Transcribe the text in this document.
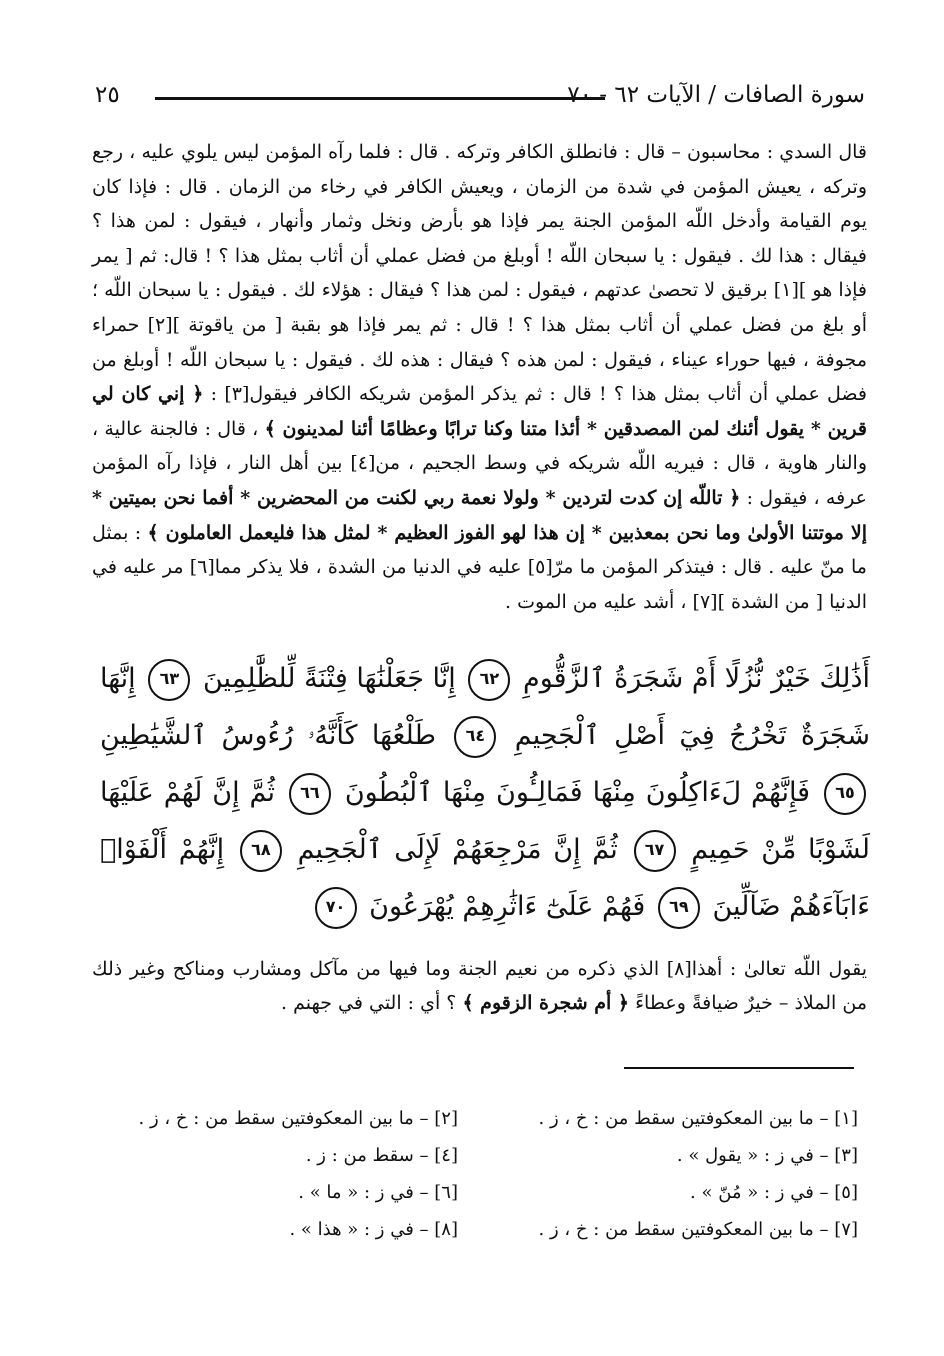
سورة الصافات / الآيات ٦٢ - ٧٠
٢٥

قال السدي : محاسبون – قال : فانطلق الكافر وتركه . قال : فلما رآه المؤمن ليس يلوي عليه ، رجع وتركه ، يعيش المؤمن في شدة من الزمان ، ويعيش الكافر في رخاء من الزمان . قال : فإذا كان يوم القيامة وأدخل اللّه المؤمن الجنة يمر فإذا هو بأرض ونخل وثمار وأنهار ، فيقول : لمن هذا ؟ فيقال : هذا لك . فيقول : يا سبحان اللّه ! أوبلغ من فضل عملي أن أثاب بمثل هذا ؟ ! قال: ثم [ يمر فإذا هو ][١] برقيق لا تحصىٰ عدتهم ، فيقول : لمن هذا ؟ فيقال : هؤلاء لك . فيقول : يا سبحان اللّه ؛ أو بلغ من فضل عملي أن أثاب بمثل هذا ؟ ! قال : ثم يمر فإذا هو بقبة [ من ياقوتة ][٢] حمراء مجوفة ، فيها حوراء عيناء ، فيقول : لمن هذه ؟ فيقال : هذه لك . فيقول : يا سبحان اللّه ! أوبلغ من فضل عملي أن أثاب بمثل هذا ؟ ! قال : ثم يذكر المؤمن شريكه الكافر فيقول[٣] : ﴿ إني كان لي قرين * يقول أئنك لمن المصدقين * أئذا متنا وكنا ترابًا وعظامًا أئنا لمدينون ﴾ ، قال : فالجنة عالية ، والنار هاوية ، قال : فيريه اللّه شريكه في وسط الجحيم ، من[٤] بين أهل النار ، فإذا رآه المؤمن عرفه ، فيقول : ﴿ تاللّه إن كدت لتردين * ولولا نعمة ربي لكنت من المحضرين * أفما نحن بميتين * إلا موتتنا الأولىٰ وما نحن بمعذبين * إن هذا لهو الفوز العظيم * لمثل هذا فليعمل العاملون ﴾ : بمثل ما منّ عليه . قال : فيتذكر المؤمن ما مرّ[٥] عليه في الدنيا من الشدة ، فلا يذكر مما[٦] مر عليه في الدنيا [ من الشدة ][٧] ، أشد عليه من الموت .

أَذَٰلِكَ خَيْرٌ نُّزُلًا أَمْ شَجَرَةُ ٱلزَّقُّومِ ٦٢ إِنَّا جَعَلْنَٰهَا فِتْنَةً لِّلظَّٰلِمِينَ ٦٣ إِنَّهَا شَجَرَةٌ تَخْرُجُ فِيٓ أَصْلِ ٱلْجَحِيمِ ٦٤ طَلْعُهَا كَأَنَّهُۥ رُءُوسُ ٱلشَّيَٰطِينِ ٦٥ فَإِنَّهُمْ لَءَاكِلُونَ مِنْهَا فَمَالِـُٔونَ مِنْهَا ٱلْبُطُونَ ٦٦ ثُمَّ إِنَّ لَهُمْ عَلَيْهَا لَشَوْبًا مِّنْ حَمِيمٍ ٦٧ ثُمَّ إِنَّ مَرْجِعَهُمْ لَإِلَى ٱلْجَحِيمِ ٦٨ إِنَّهُمْ أَلْفَوْا۟ ءَابَآءَهُمْ ضَآلِّينَ ٦٩ فَهُمْ عَلَىٰٓ ءَاثَٰرِهِمْ يُهْرَعُونَ ٧٠

يقول اللّه تعالىٰ : أهذا[٨] الذي ذكره من نعيم الجنة وما فيها من مآكل ومشارب ومناكح وغير ذلك من الملاذ – خيرٌ ضيافةً وعطاءً ﴿ أم شجرة الزقوم ﴾ ؟ أي : التي في جهنم .

[١] – ما بين المعكوفتين سقط من : خ ، ز .
[٢] – ما بين المعكوفتين سقط من : خ ، ز .
[٣] – في ز : « يقول » .
[٤] – سقط من : ز .
[٥] – في ز : « مُنّ » .
[٦] – في ز : « ما » .
[٧] – ما بين المعكوفتين سقط من : خ ، ز .
[٨] – في ز : « هذا » .
